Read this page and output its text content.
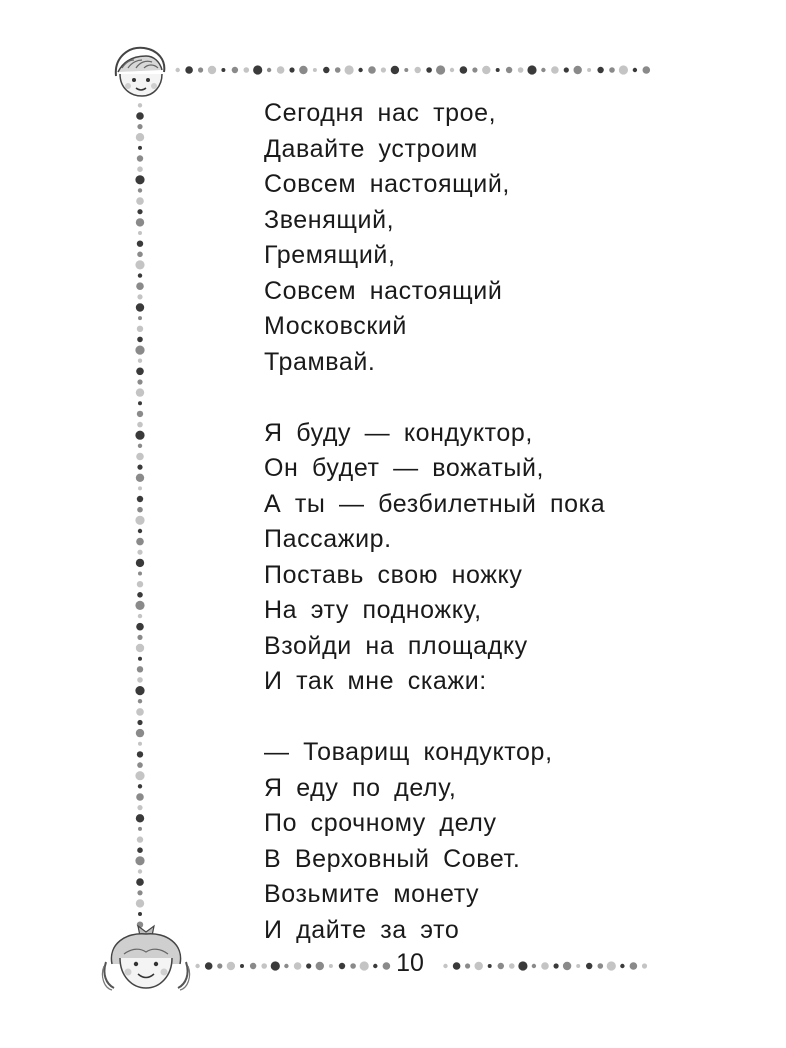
Сегодня нас трое,
Давайте устроим
Совсем настоящий,
Звенящий,
Гремящий,
Совсем настоящий
Московский
Трамвай.
Я буду — кондуктор,
Он будет — вожатый,
А ты — безбилетный пока
Пассажир.
Поставь свою ножку
На эту подножку,
Взойди на площадку
И так мне скажи:
— Товарищ кондуктор,
Я еду по делу,
По срочному делу
В Верховный Совет.
Возьмите монету
И дайте за это
10
